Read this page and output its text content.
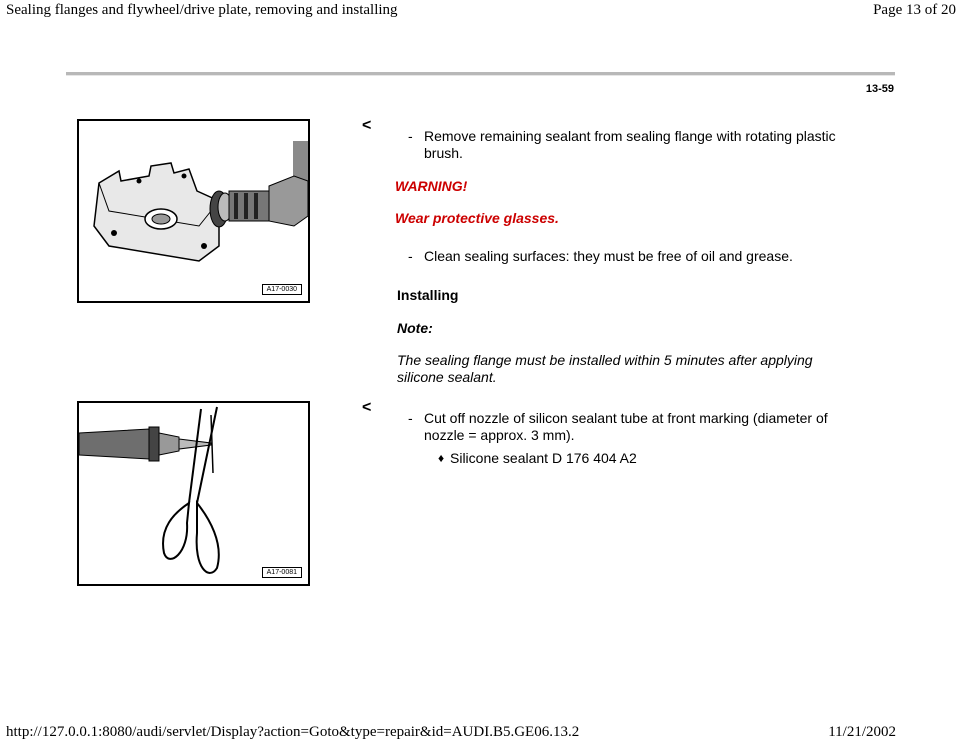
Sealing flanges and flywheel/drive plate, removing and installing	Page 13 of 20
13-59
A17-0030
<
- Remove remaining sealant from sealing flange with rotating plastic brush.
WARNING!
Wear protective glasses.
- Clean sealing surfaces: they must be free of oil and grease.
Installing
Note:
The sealing flange must be installed within 5 minutes after applying silicone sealant.
A17-0081
<
- Cut off nozzle of silicon sealant tube at front marking (diameter of nozzle = approx. 3 mm).
♦ Silicone sealant D 176 404 A2
http://127.0.0.1:8080/audi/servlet/Display?action=Goto&type=repair&id=AUDI.B5.GE06.13.2	11/21/2002
